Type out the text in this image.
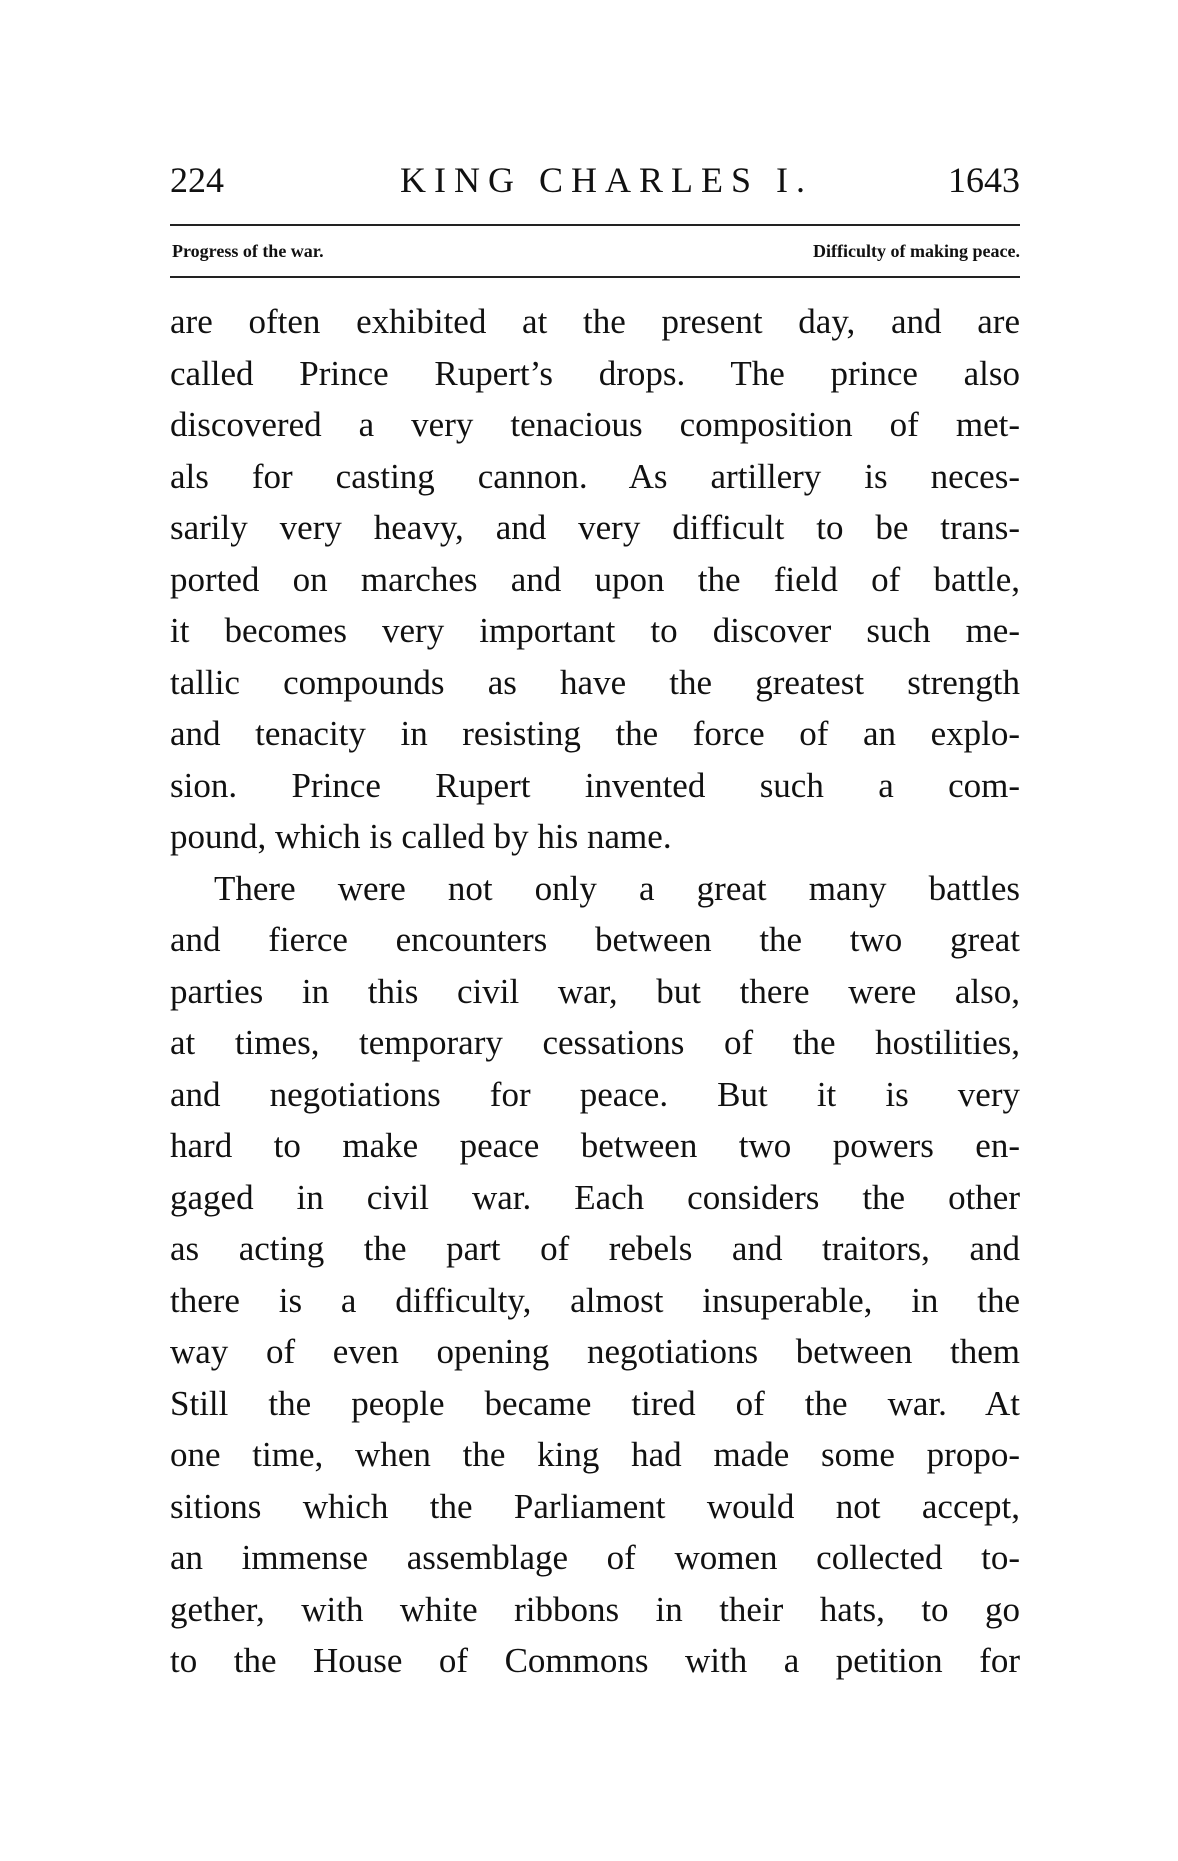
224	KING CHARLES I.	1643
Progress of the war.	Difficulty of making peace.
are often exhibited at the present day, and are
called Prince Rupert’s drops. The prince also
discovered a very tenacious composition of met-
als for casting cannon. As artillery is neces-
sarily very heavy, and very difficult to be trans-
ported on marches and upon the field of battle,
it becomes very important to discover such me-
tallic compounds as have the greatest strength
and tenacity in resisting the force of an explo-
sion. Prince Rupert invented such a com-
pound, which is called by his name.
There were not only a great many battles
and fierce encounters between the two great
parties in this civil war, but there were also,
at times, temporary cessations of the hostilities,
and negotiations for peace. But it is very
hard to make peace between two powers en-
gaged in civil war. Each considers the other
as acting the part of rebels and traitors, and
there is a difficulty, almost insuperable, in the
way of even opening negotiations between them
Still the people became tired of the war. At
one time, when the king had made some propo-
sitions which the Parliament would not accept,
an immense assemblage of women collected to-
gether, with white ribbons in their hats, to go
to the House of Commons with a petition for
